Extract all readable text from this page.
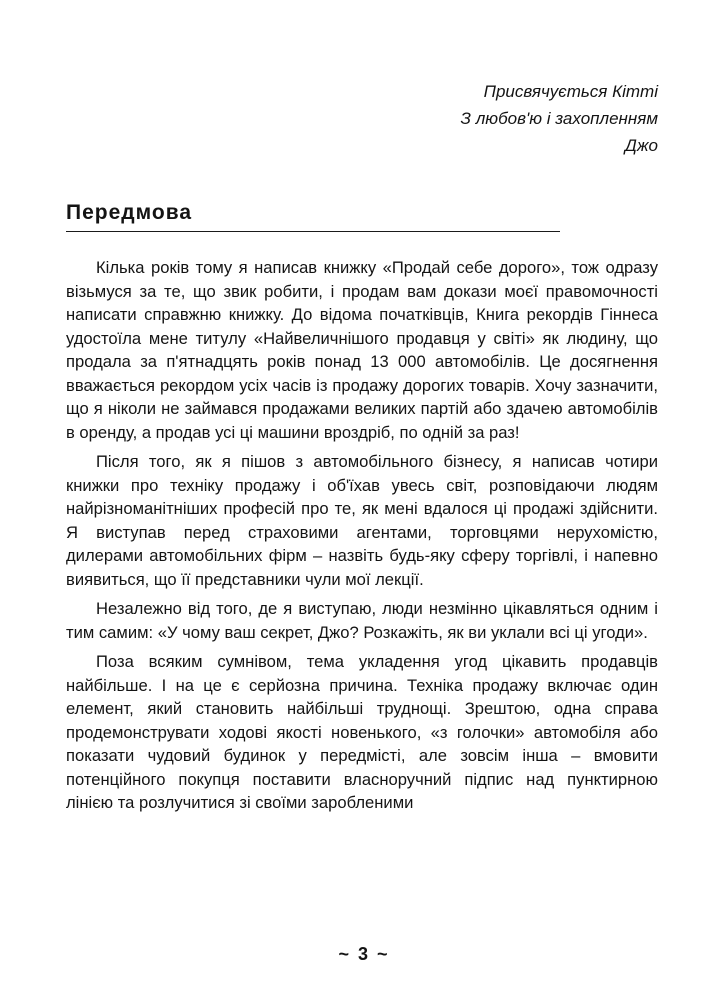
Присвячується Кітті
З любов'ю і захопленням
Джо
Передмова

Кілька років тому я написав книжку «Продай себе дорого», тож одразу візьмуся за те, що звик робити, і продам вам докази моєї правомочності написати справжню книжку. До відома початківців, Книга рекордів Гіннеса удостоїла мене титулу «Найвеличнішого продавця у світі» як людину, що продала за п'ятнадцять років понад 13 000 автомобілів. Це досягнення вважається рекордом усіх часів із продажу дорогих товарів. Хочу зазначити, що я ніколи не займався продажами великих партій або здачею автомобілів в оренду, а продав усі ці машини вроздріб, по одній за раз!

Після того, як я пішов з автомобільного бізнесу, я написав чотири книжки про техніку продажу і об'їхав увесь світ, розповідаючи людям найрізноманітніших професій про те, як мені вдалося ці продажі здійснити. Я виступав перед страховими агентами, торговцями нерухомістю, дилерами автомобільних фірм – назвіть будь-яку сферу торгівлі, і напевно виявиться, що її представники чули мої лекції.

Незалежно від того, де я виступаю, люди незмінно цікавляться одним і тим самим: «У чому ваш секрет, Джо? Розкажіть, як ви уклали всі ці угоди».

Поза всяким сумнівом, тема укладення угод цікавить продавців найбільше. І на це є серйозна причина. Техніка продажу включає один елемент, який становить найбільші труднощі. Зрештою, одна справа продемонструвати ходові якості новенького, «з голочки» автомобіля або показати чудовий будинок у передмісті, але зовсім інша – вмовити потенційного покупця поставити власноручний підпис над пунктирною лінією та розлучитися зі своїми заробленими

~ 3 ~
